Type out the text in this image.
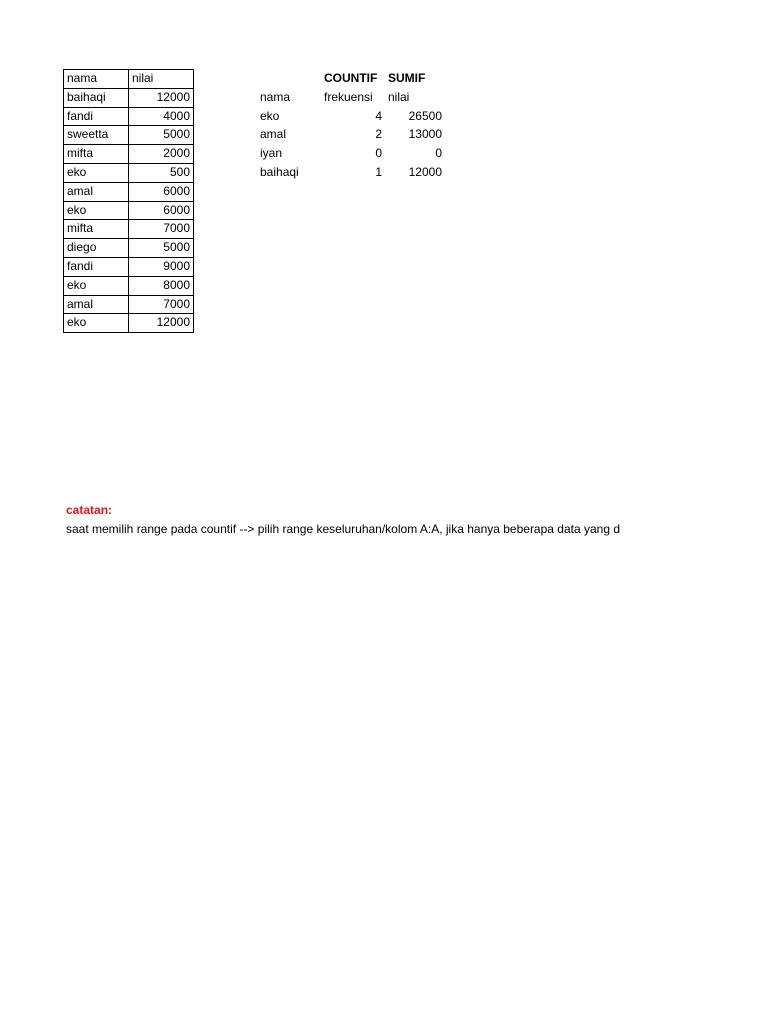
nama	nilai
baihaqi	12000
fandi	4000
sweetta	5000
mifta	2000
eko	500
amal	6000
eko	6000
mifta	7000
diego	5000
fandi	9000
eko	8000
amal	7000
eko	12000
	COUNTIF	SUMIF
nama	frekuensi	nilai
eko	4	26500
amal	2	13000
iyan	0	0
baihaqi	1	12000
catatan:
saat memilih range pada countif --> pilih range keseluruhan/kolom A:A, jika hanya beberapa data yang d
